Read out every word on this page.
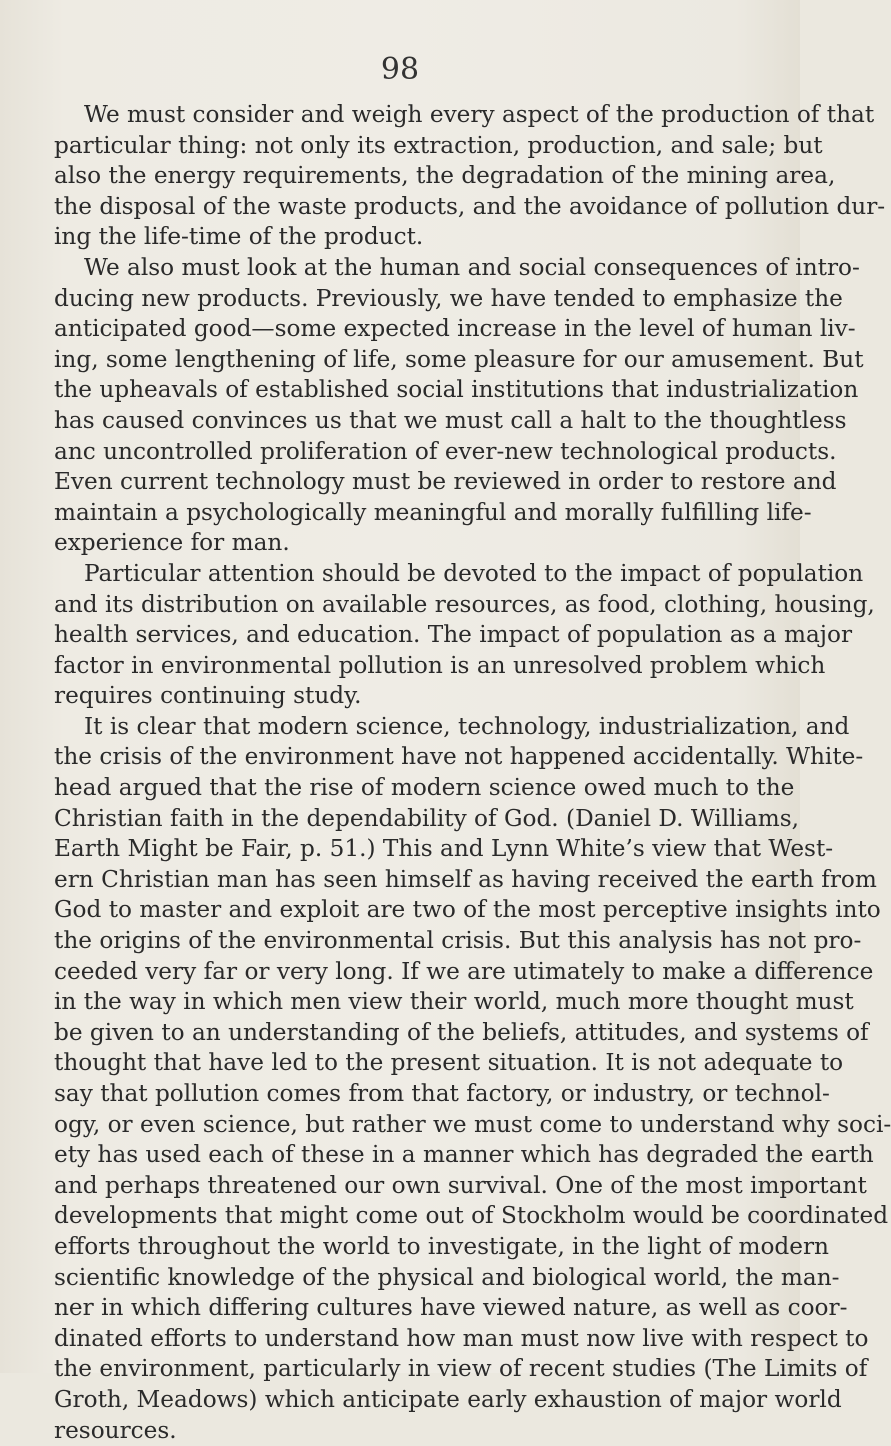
98
We must consider and weigh every aspect of the production of that
particular thing: not only its extraction, production, and sale; but
also the energy requirements, the degradation of the mining area,
the disposal of the waste products, and the avoidance of pollution dur-
ing the life-time of the product.
We also must look at the human and social consequences of intro-
ducing new products. Previously, we have tended to emphasize the
anticipated good—some expected increase in the level of human liv-
ing, some lengthening of life, some pleasure for our amusement. But
the upheavals of established social institutions that industrialization
has caused convinces us that we must call a halt to the thoughtless
anc uncontrolled proliferation of ever-new technological products.
Even current technology must be reviewed in order to restore and
maintain a psychologically meaningful and morally fulfilling life-
experience for man.
Particular attention should be devoted to the impact of population
and its distribution on available resources, as food, clothing, housing,
health services, and education. The impact of population as a major
factor in environmental pollution is an unresolved problem which
requires continuing study.
It is clear that modern science, technology, industrialization, and
the crisis of the environment have not happened accidentally. White-
head argued that the rise of modern science owed much to the
Christian faith in the dependability of God. (Daniel D. Williams,
Earth Might be Fair, p. 51.) This and Lynn White’s view that West-
ern Christian man has seen himself as having received the earth from
God to master and exploit are two of the most perceptive insights into
the origins of the environmental crisis. But this analysis has not pro-
ceeded very far or very long. If we are utimately to make a difference
in the way in which men view their world, much more thought must
be given to an understanding of the beliefs, attitudes, and systems of
thought that have led to the present situation. It is not adequate to
say that pollution comes from that factory, or industry, or technol-
ogy, or even science, but rather we must come to understand why soci-
ety has used each of these in a manner which has degraded the earth
and perhaps threatened our own survival. One of the most important
developments that might come out of Stockholm would be coordinated
efforts throughout the world to investigate, in the light of modern
scientific knowledge of the physical and biological world, the man-
ner in which differing cultures have viewed nature, as well as coor-
dinated efforts to understand how man must now live with respect to
the environment, particularly in view of recent studies (The Limits of
Groth, Meadows) which anticipate early exhaustion of major world
resources.
